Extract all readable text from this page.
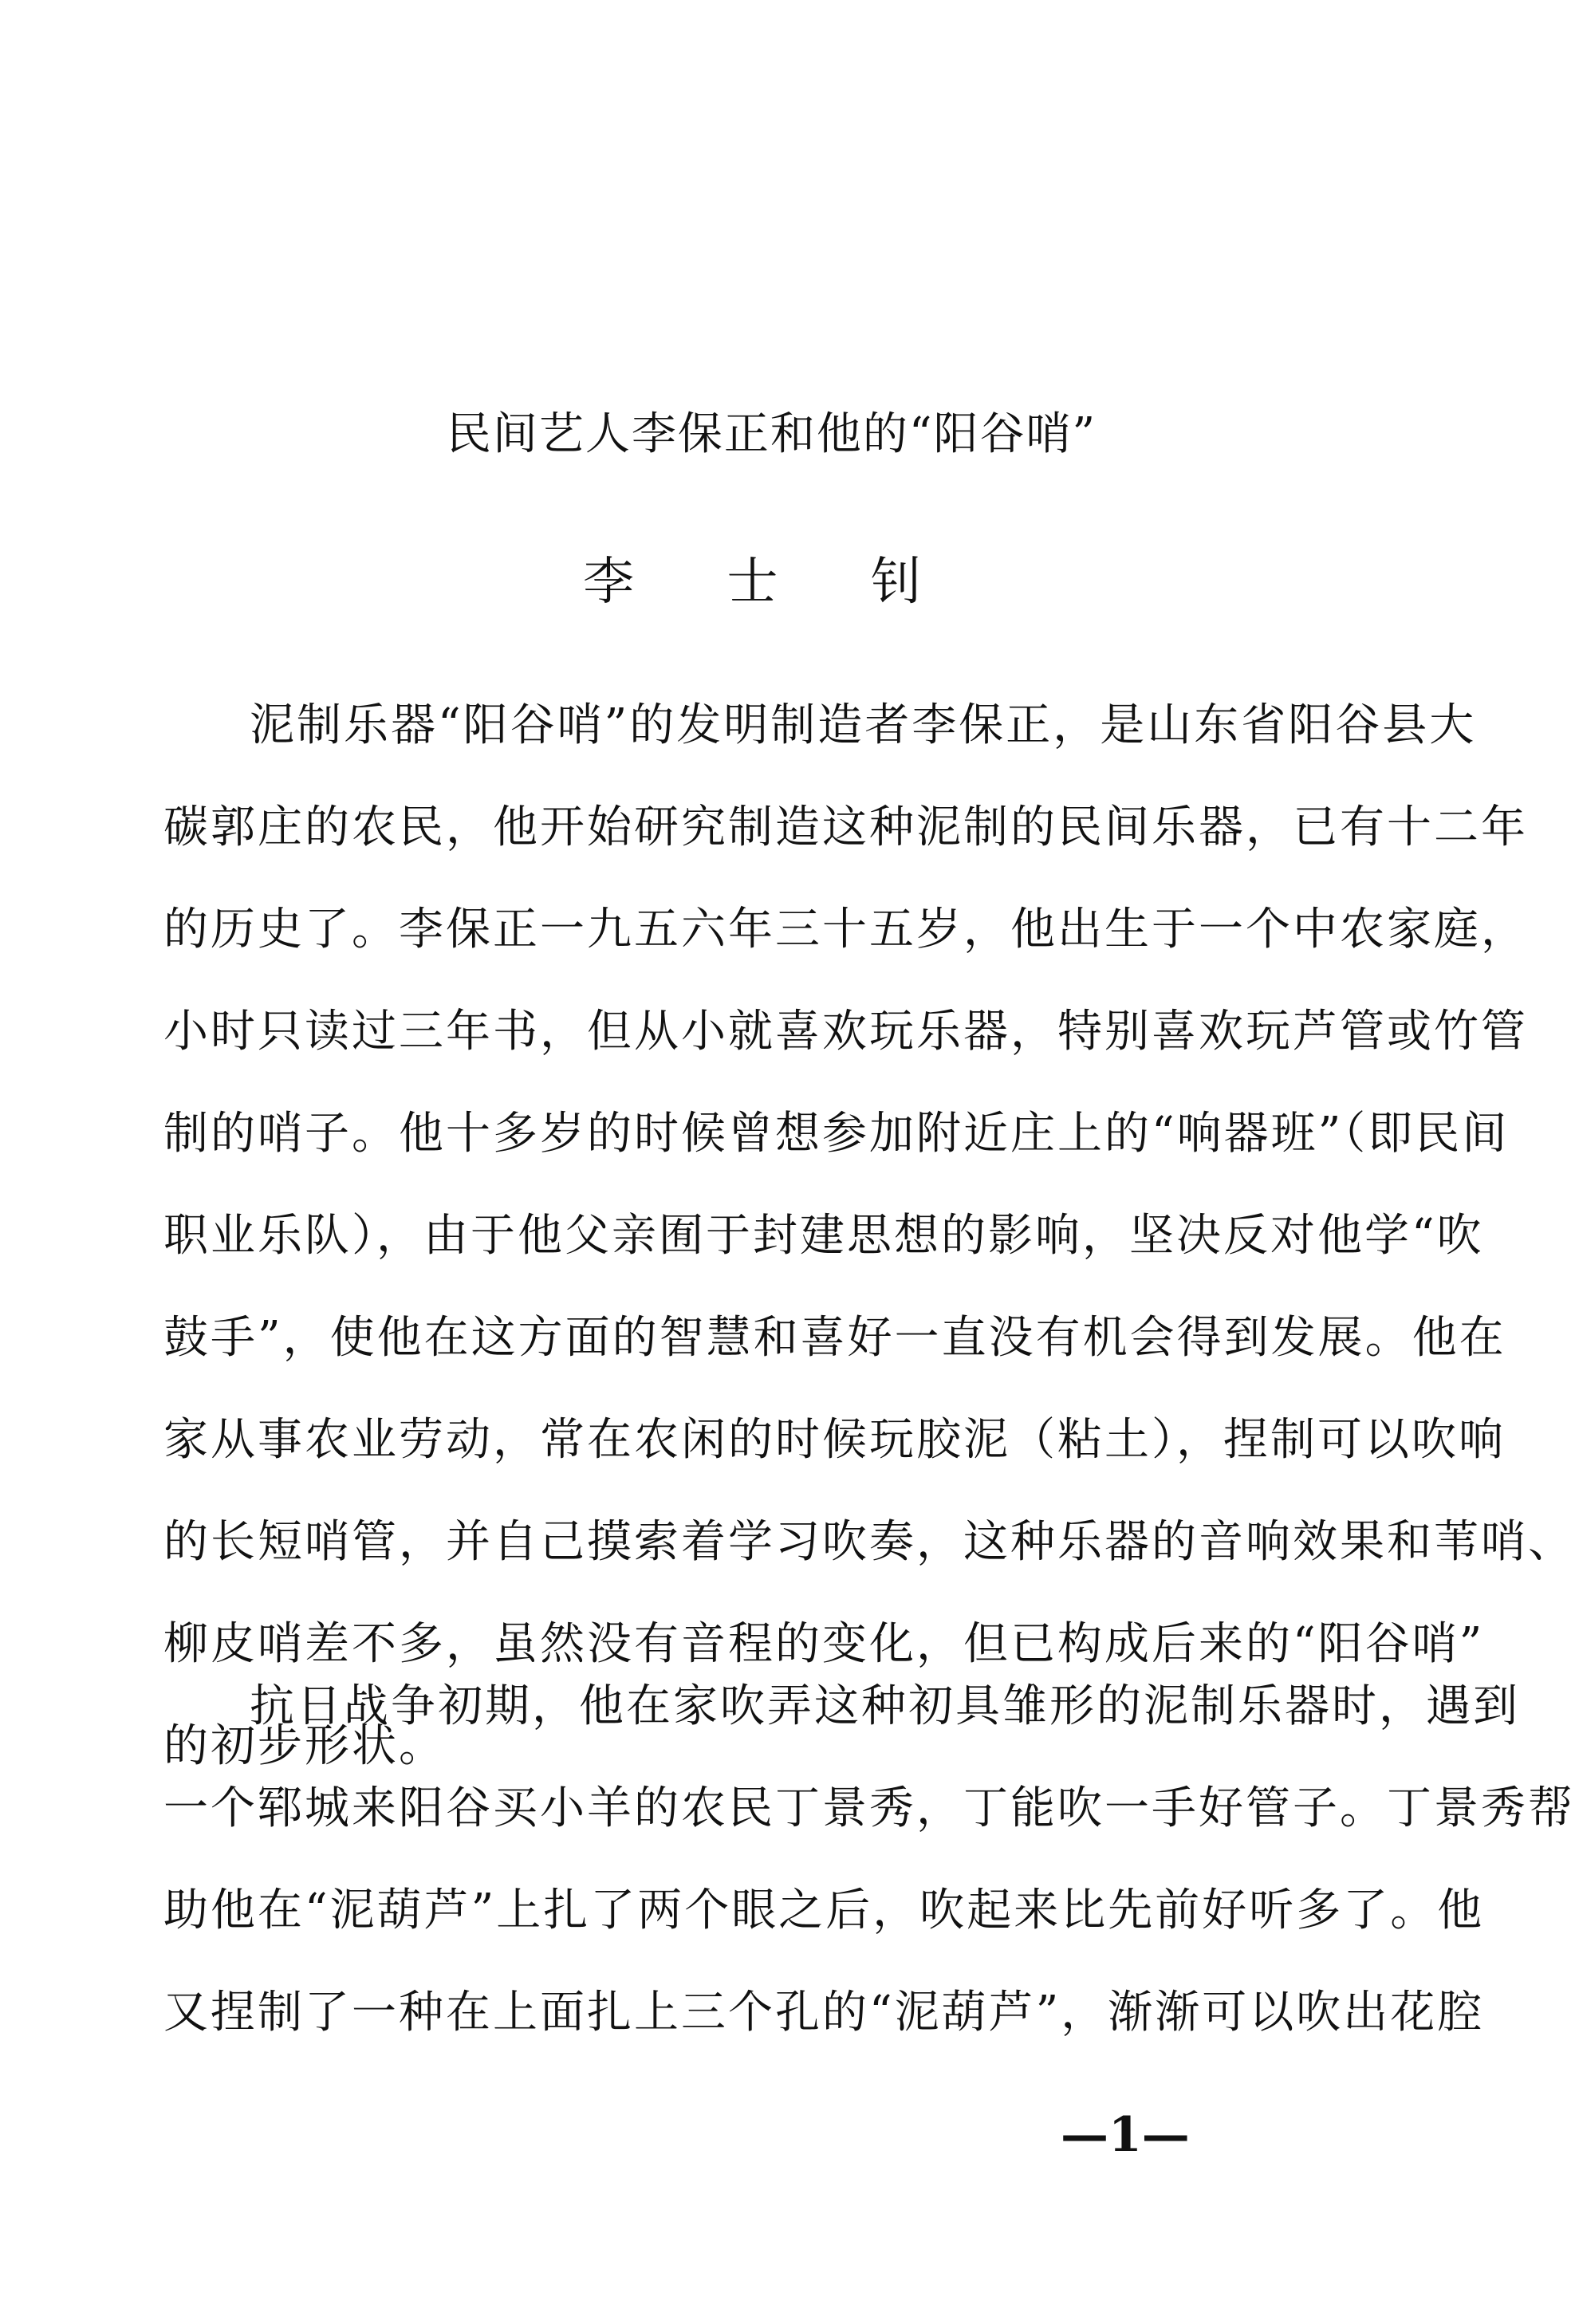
民间艺人李保正和他的“阳谷哨”
李 士 钊
泥制乐器“阳谷哨”的发明制造者李保正，是山东省阳谷县大
碳郭庄的农民，他开始研究制造这种泥制的民间乐器，已有十二年
的历史了。李保正一九五六年三十五岁，他出生于一个中农家庭，
小时只读过三年书，但从小就喜欢玩乐器，特别喜欢玩芦管或竹管
制的哨子。他十多岁的时候曾想参加附近庄上的“响器班”（即民间
职业乐队），由于他父亲囿于封建思想的影响，坚决反对他学“吹
鼓手”，使他在这方面的智慧和喜好一直没有机会得到发展。他在
家从事农业劳动，常在农闲的时候玩胶泥（粘土），捏制可以吹响
的长短哨管，并自己摸索着学习吹奏，这种乐器的音响效果和苇哨、
柳皮哨差不多，虽然没有音程的变化，但已构成后来的“阳谷哨”
的初步形状。
抗日战争初期，他在家吹弄这种初具雏形的泥制乐器时，遇到
一个郓城来阳谷买小羊的农民丁景秀，丁能吹一手好管子。丁景秀帮
助他在“泥葫芦”上扎了两个眼之后，吹起来比先前好听多了。他
又捏制了一种在上面扎上三个孔的“泥葫芦”，渐渐可以吹出花腔
—1—
